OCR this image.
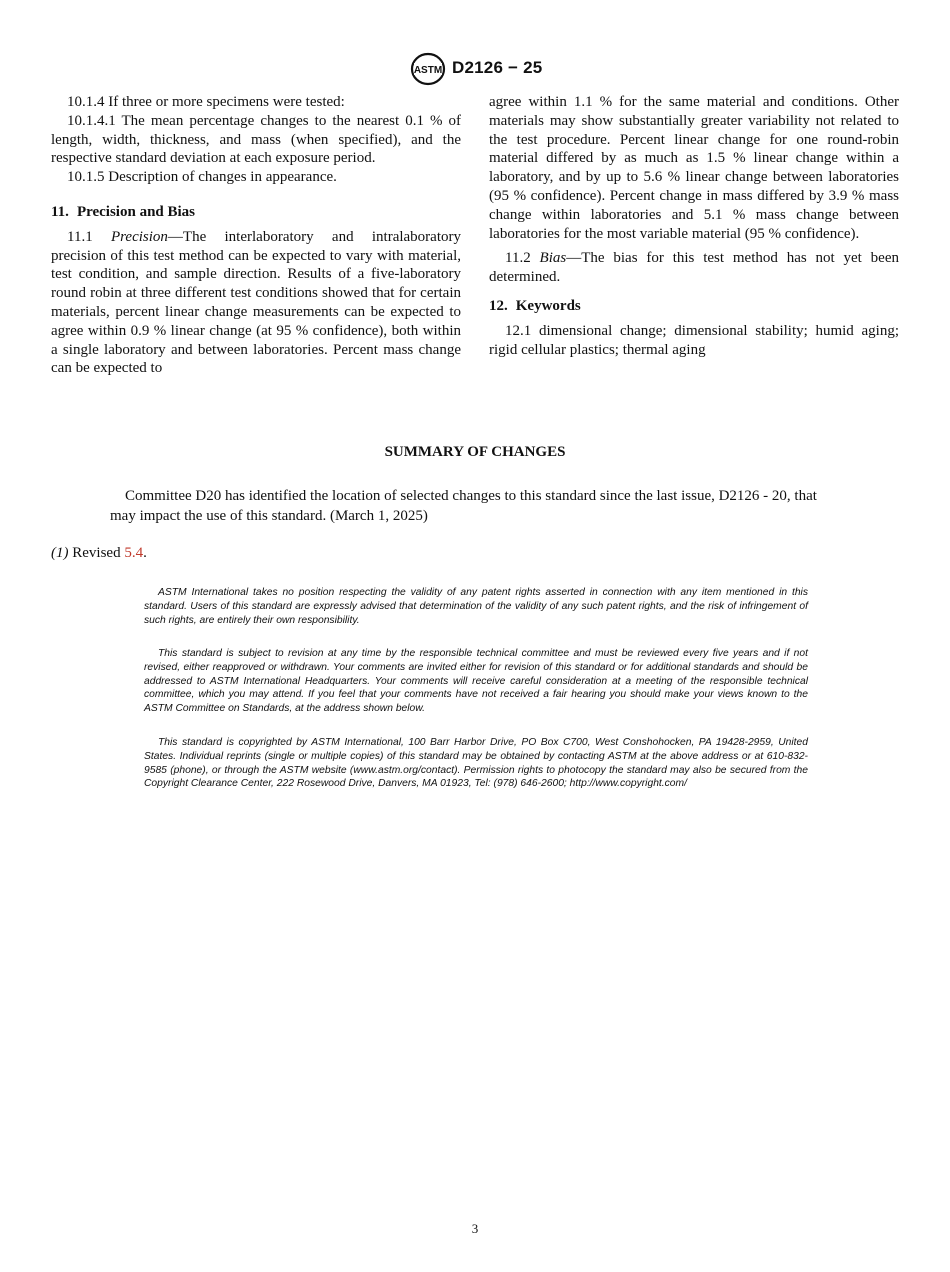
ASTM D2126 − 25

10.1.4 If three or more specimens were tested:

10.1.4.1 The mean percentage changes to the nearest 0.1 % of length, width, thickness, and mass (when specified), and the respective standard deviation at each exposure period.

10.1.5 Description of changes in appearance.

11. Precision and Bias

11.1 Precision—The interlaboratory and intralaboratory precision of this test method can be expected to vary with material, test condition, and sample direction. Results of a five-laboratory round robin at three different test conditions showed that for certain materials, percent linear change measurements can be expected to agree within 0.9 % linear change (at 95 % confidence), both within a single laboratory and between laboratories. Percent mass change can be expected to

agree within 1.1 % for the same material and conditions. Other materials may show substantially greater variability not related to the test procedure. Percent linear change for one round-robin material differed by as much as 1.5 % linear change within a laboratory, and by up to 5.6 % linear change between laboratories (95 % confidence). Percent change in mass differed by 3.9 % mass change within laboratories and 5.1 % mass change between laboratories for the most variable material (95 % confidence).

11.2 Bias—The bias for this test method has not yet been determined.

12. Keywords

12.1 dimensional change; dimensional stability; humid aging; rigid cellular plastics; thermal aging

SUMMARY OF CHANGES
Committee D20 has identified the location of selected changes to this standard since the last issue, D2126 - 20, that may impact the use of this standard. (March 1, 2025)
(1) Revised 5.4.
ASTM International takes no position respecting the validity of any patent rights asserted in connection with any item mentioned in this standard. Users of this standard are expressly advised that determination of the validity of any such patent rights, and the risk of infringement of such rights, are entirely their own responsibility.
This standard is subject to revision at any time by the responsible technical committee and must be reviewed every five years and if not revised, either reapproved or withdrawn. Your comments are invited either for revision of this standard or for additional standards and should be addressed to ASTM International Headquarters. Your comments will receive careful consideration at a meeting of the responsible technical committee, which you may attend. If you feel that your comments have not received a fair hearing you should make your views known to the ASTM Committee on Standards, at the address shown below.
This standard is copyrighted by ASTM International, 100 Barr Harbor Drive, PO Box C700, West Conshohocken, PA 19428-2959, United States. Individual reprints (single or multiple copies) of this standard may be obtained by contacting ASTM at the above address or at 610-832-9585 (phone), or through the ASTM website (www.astm.org/contact). Permission rights to photocopy the standard may also be secured from the Copyright Clearance Center, 222 Rosewood Drive, Danvers, MA 01923, Tel: (978) 646-2600; http://www.copyright.com/
3
